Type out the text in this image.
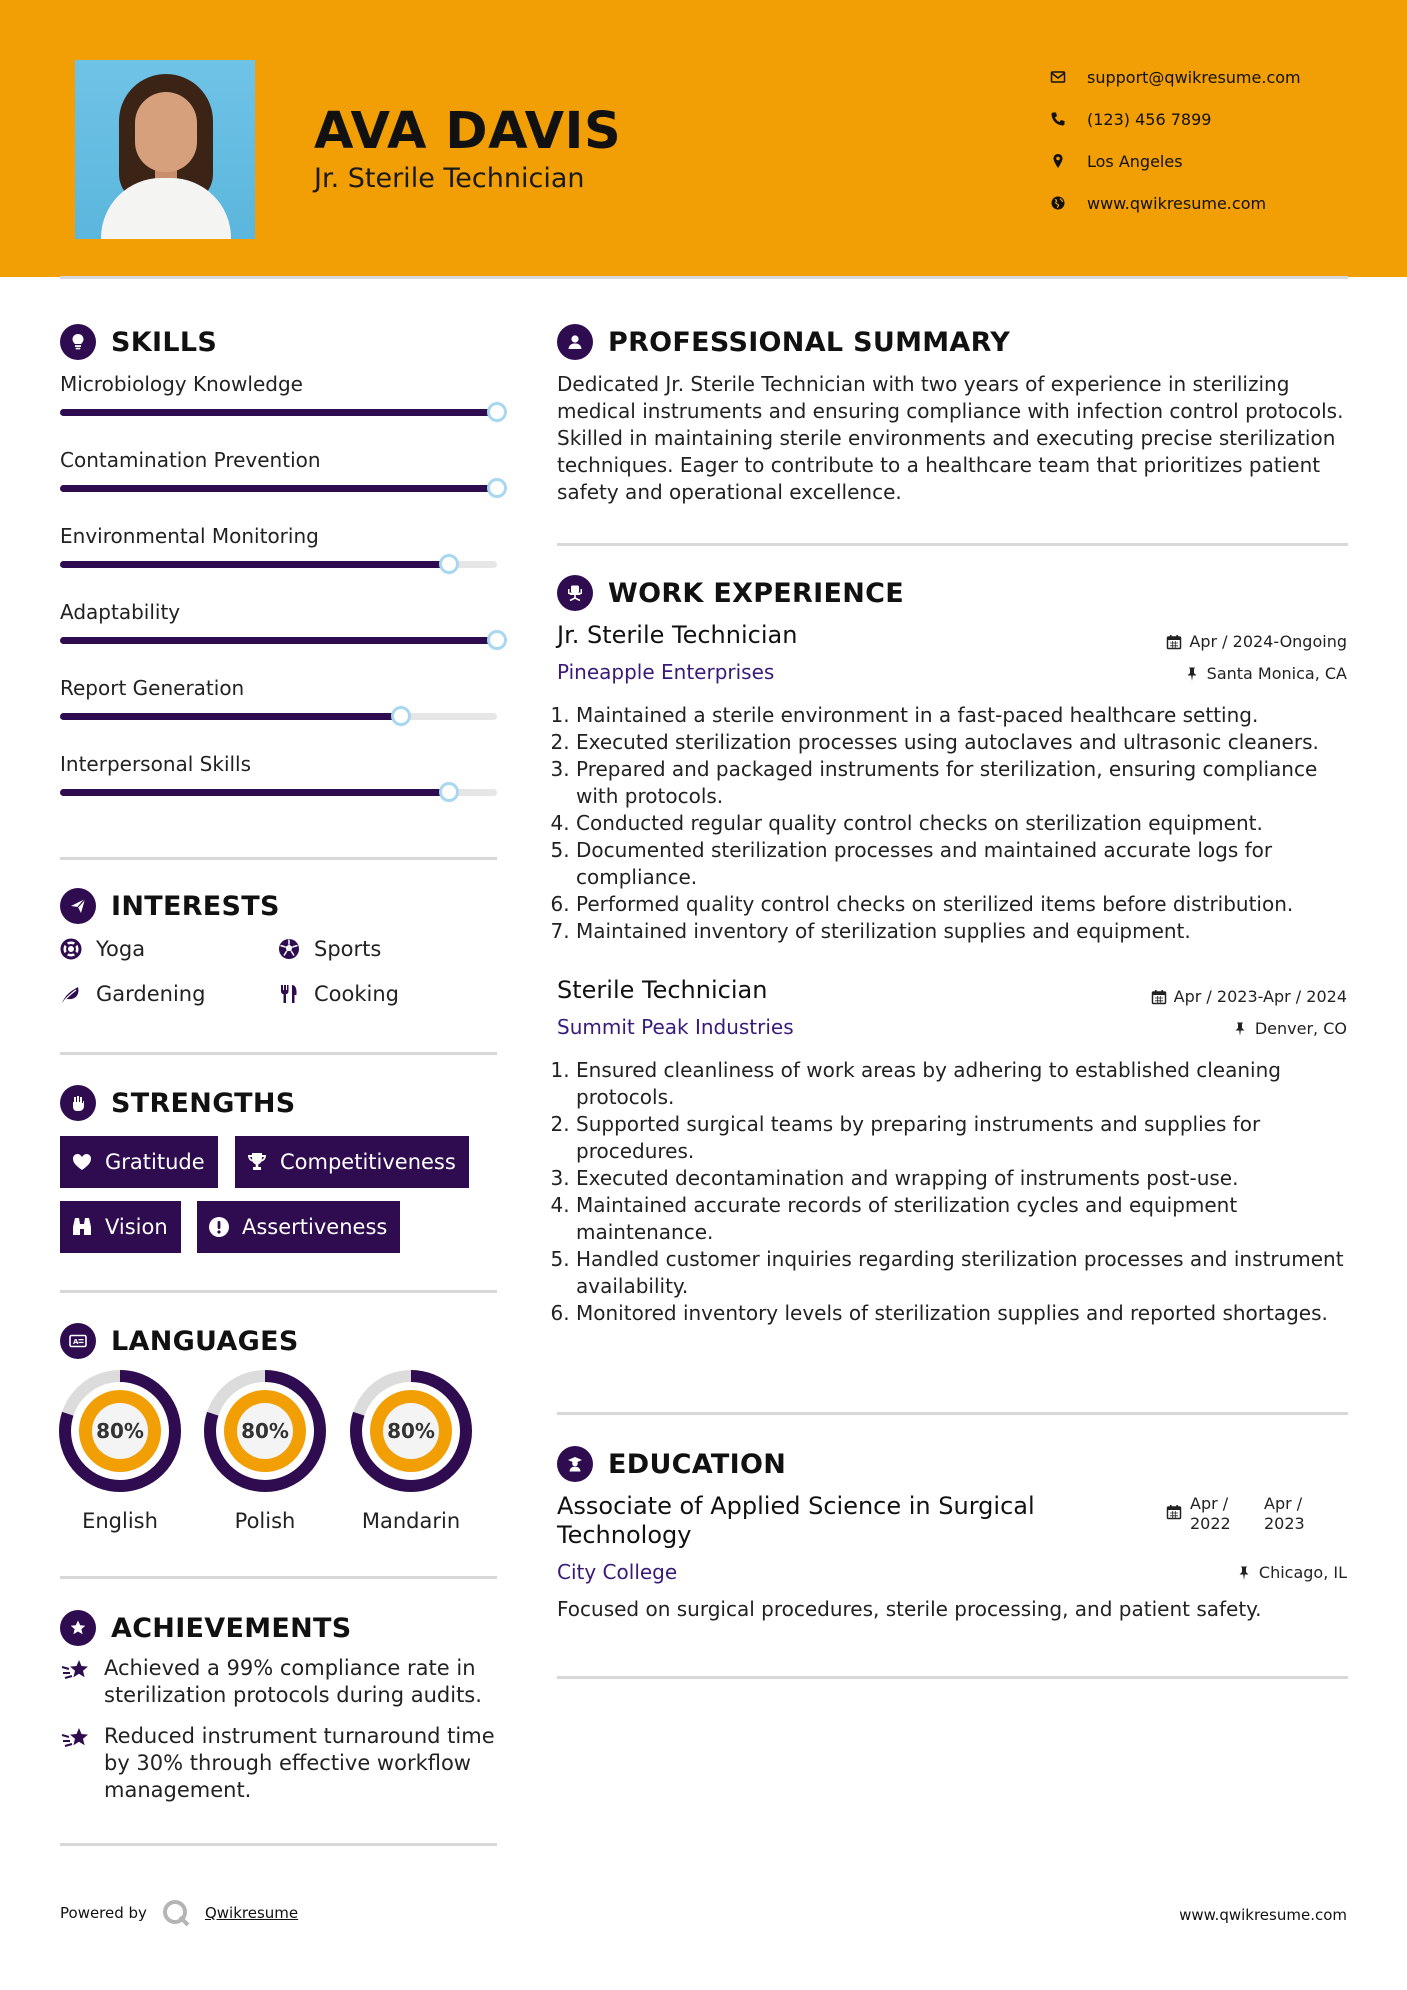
AVA DAVIS
Jr. Sterile Technician
support@qwikresume.com
(123) 456 7899
Los Angeles
www.qwikresume.com
SKILLS
Microbiology Knowledge
Contamination Prevention
Environmental Monitoring
Adaptability
Report Generation
Interpersonal Skills
INTERESTS
Yoga	Sports
Gardening	Cooking
STRENGTHS
Gratitude	Competitiveness
Vision	Assertiveness
A LANGUAGES
80%
English
80%
Polish
80%
Mandarin
ACHIEVEMENTS
Achieved a 99% compliance rate in sterilization protocols during audits.
Reduced instrument turnaround time by 30% through effective workflow management.
PROFESSIONAL SUMMARY
Dedicated Jr. Sterile Technician with two years of experience in sterilizing medical instruments and ensuring compliance with infection control protocols. Skilled in maintaining sterile environments and executing precise sterilization techniques. Eager to contribute to a healthcare team that prioritizes patient safety and operational excellence.
WORK EXPERIENCE
Jr. Sterile Technician	Apr / 2024-Ongoing
Pineapple Enterprises	Santa Monica, CA
1. Maintained a sterile environment in a fast-paced healthcare setting.
2. Executed sterilization processes using autoclaves and ultrasonic cleaners.
3. Prepared and packaged instruments for sterilization, ensuring compliance with protocols.
4. Conducted regular quality control checks on sterilization equipment.
5. Documented sterilization processes and maintained accurate logs for compliance.
6. Performed quality control checks on sterilized items before distribution.
7. Maintained inventory of sterilization supplies and equipment.
Sterile Technician	Apr / 2023-Apr / 2024
Summit Peak Industries	Denver, CO
1. Ensured cleanliness of work areas by adhering to established cleaning protocols.
2. Supported surgical teams by preparing instruments and supplies for procedures.
3. Executed decontamination and wrapping of instruments post-use.
4. Maintained accurate records of sterilization cycles and equipment maintenance.
5. Handled customer inquiries regarding sterilization processes and instrument availability.
6. Monitored inventory levels of sterilization supplies and reported shortages.
EDUCATION
Associate of Applied Science in Surgical Technology
Apr / 2022
Apr / 2023
City College	Chicago, IL
Focused on surgical procedures, sterile processing, and patient safety.
Powered by	Qwikresume	www.qwikresume.com
